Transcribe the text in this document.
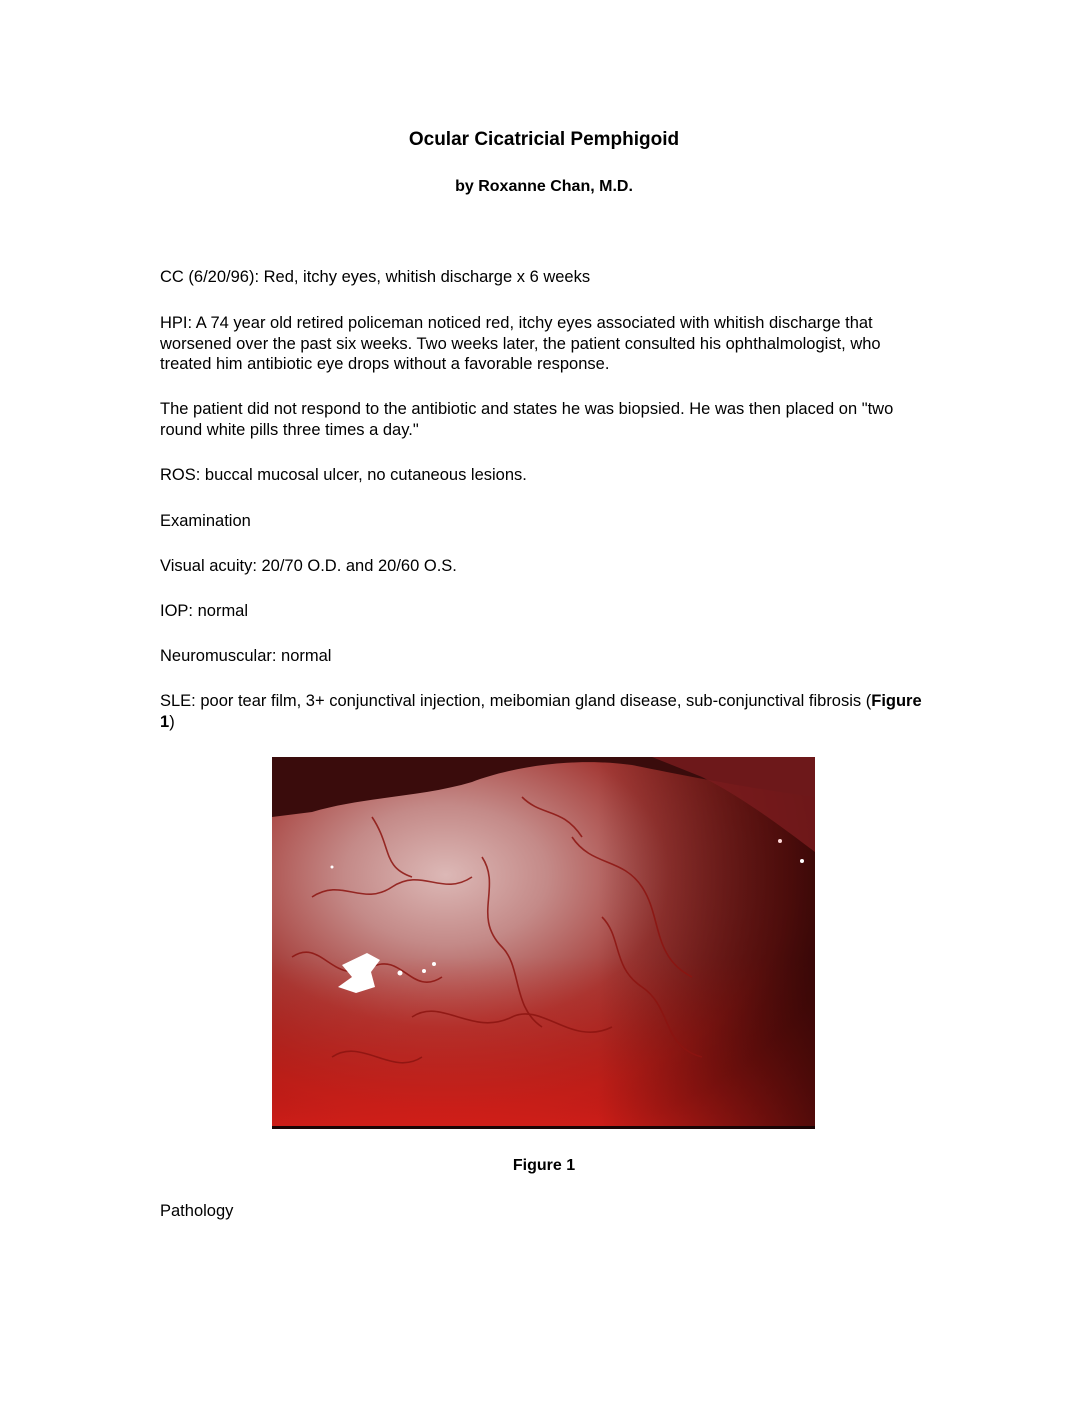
Ocular Cicatricial Pemphigoid
by Roxanne Chan, M.D.

CC (6/20/96): Red, itchy eyes, whitish discharge x 6 weeks

HPI: A 74 year old retired policeman noticed red, itchy eyes associated with whitish discharge that worsened over the past six weeks. Two weeks later, the patient consulted his ophthalmologist, who treated him antibiotic eye drops without a favorable response.

The patient did not respond to the antibiotic and states he was biopsied. He was then placed on "two round white pills three times a day."

ROS: buccal mucosal ulcer, no cutaneous lesions.

Examination

Visual acuity: 20/70 O.D. and 20/60 O.S.

IOP: normal

Neuromuscular: normal

SLE: poor tear film, 3+ conjunctival injection, meibomian gland disease, sub-conjunctival fibrosis (Figure 1)

Figure 1

Pathology
